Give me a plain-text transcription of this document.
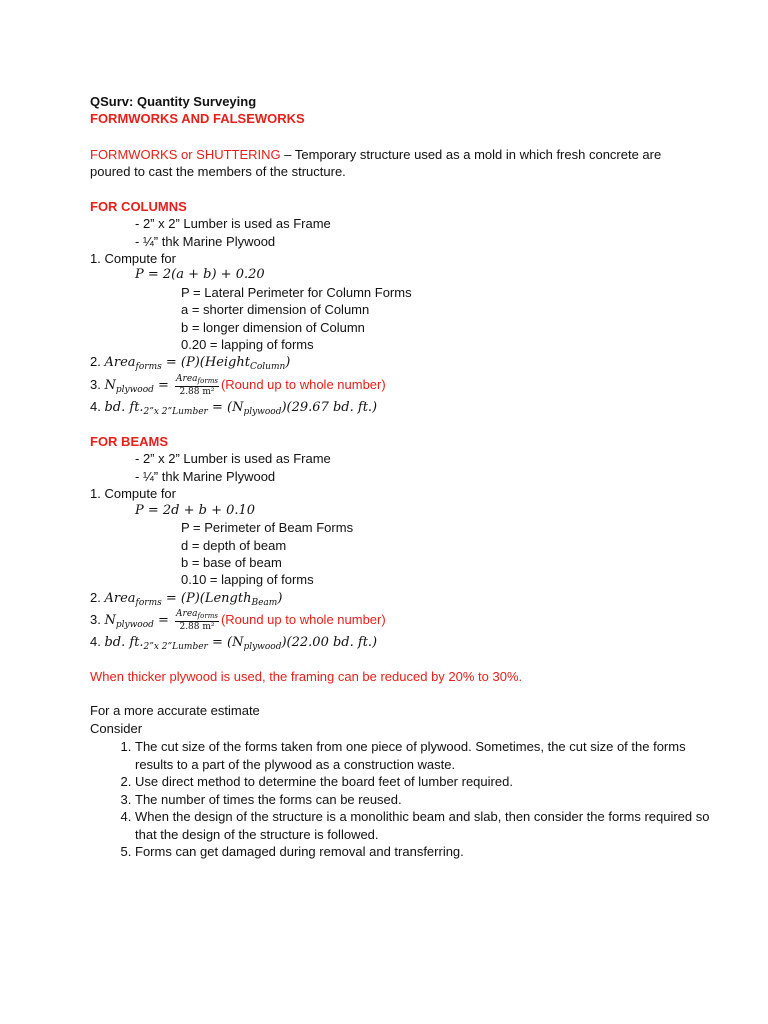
QSurv: Quantity Surveying
FORMWORKS AND FALSEWORKS
FORMWORKS or SHUTTERING – Temporary structure used as a mold in which fresh concrete are
poured to cast the members of the structure.
FOR COLUMNS
- 2” x 2” Lumber is used as Frame
- ¼” thk Marine Plywood
1. Compute for
P = 2(a + b) + 0.20
P = Lateral Perimeter for Column Forms
a = shorter dimension of Column
b = longer dimension of Column
0.20 = lapping of forms
2. Area$_{forms}$ = (P)(Height$_{Column}$)
3. $N_{plywood} = \frac{Area_{forms}}{\text{2.88 m²}}$ (Round up to whole number)
4. bd. $ft._{2”x 2”Lumber} = (N_{plywood})(29.67$ bd. ft.)
FOR BEAMS
- 2” x 2” Lumber is used as Frame
- ¼” thk Marine Plywood
1. Compute for
P = 2d + b + 0.10
P = Perimeter of Beam Forms
d = depth of beam
b = base of beam
0.10 = lapping of forms
2. Area$_{forms}$ = (P)(Length$_{Beam}$)
3. $N_{plywood} = \frac{Area_{forms}}{\text{2.88 m²}}$ (Round up to whole number)
4. bd. $ft._{2”x 2”Lumber} = (N_{plywood})(22.00$ bd. ft.)
When thicker plywood is used, the framing can be reduced by 20% to 30%.
For a more accurate estimate
Consider
1. The cut size of the forms taken from one piece of plywood. Sometimes, the cut size of the forms results to a part of the plywood as a construction waste.
2. Use direct method to determine the board feet of lumber required.
3. The number of times the forms can be reused.
4. When the design of the structure is a monolithic beam and slab, then consider the forms required so that the design of the structure is followed.
5. Forms can get damaged during removal and transferring.
